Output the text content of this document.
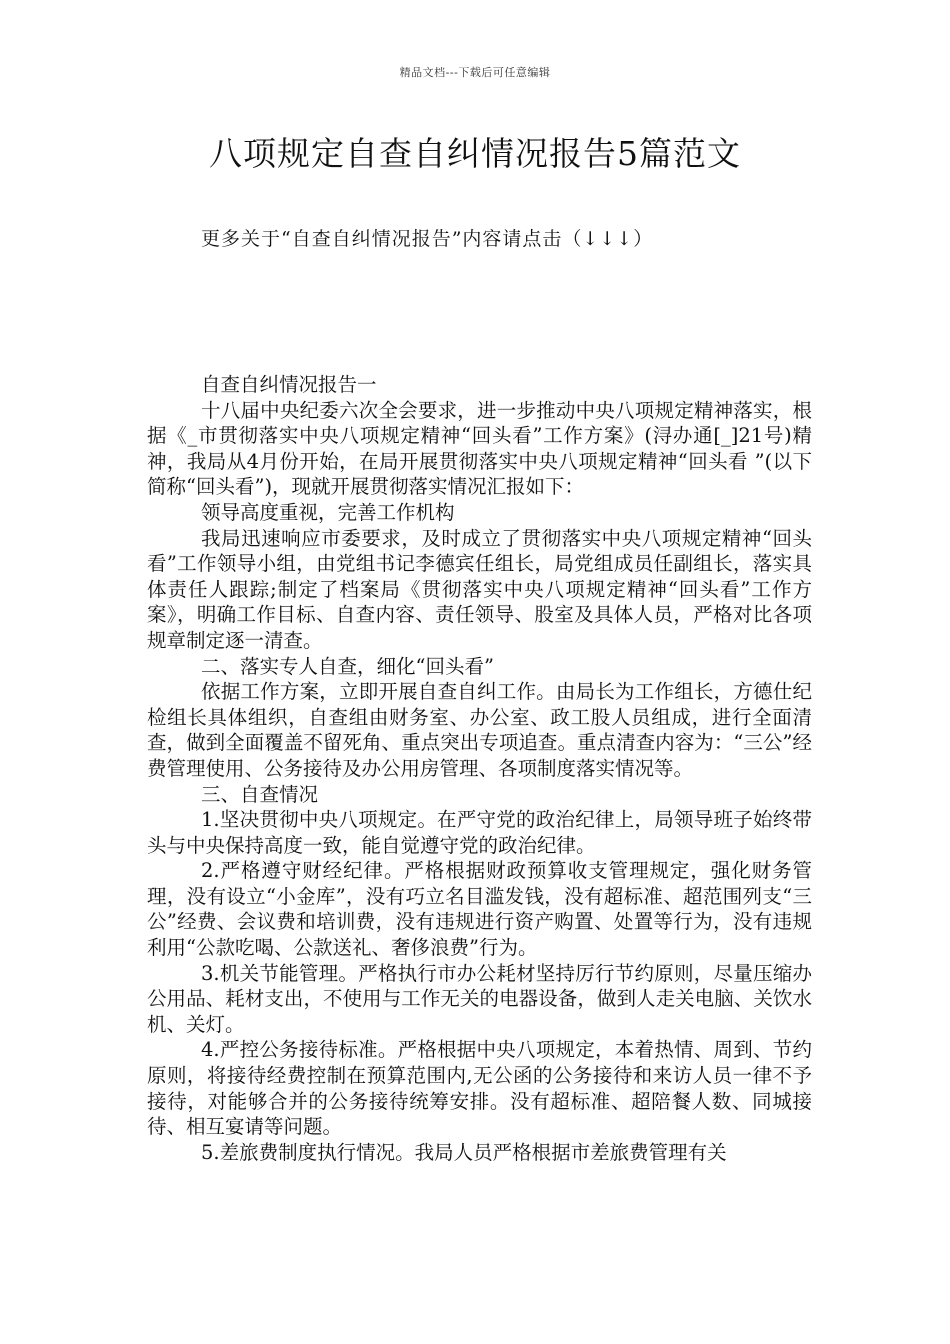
精品文档---下载后可任意编辑
八项规定自查自纠情况报告5篇范文
更多关于“自查自纠情况报告”内容请点击（↓↓↓）

自查自纠情况报告一

十八届中央纪委六次全会要求，进一步推动中央八项规定精神落实，根据《_市贯彻落实中央八项规定精神“回头看”工作方案》(浔办通[_]21号)精神，我局从4月份开始，在局开展贯彻落实中央八项规定精神“回头看 ”(以下简称“回头看”)，现就开展贯彻落实情况汇报如下：

领导高度重视，完善工作机构

我局迅速响应市委要求，及时成立了贯彻落实中央八项规定精神“回头看”工作领导小组，由党组书记李德宾任组长，局党组成员任副组长，落实具体责任人跟踪;制定了档案局《贯彻落实中央八项规定精神“回头看”工作方案》，明确工作目标、自查内容、责任领导、股室及具体人员，严格对比各项规章制定逐一清查。

二、落实专人自查，细化“回头看”

依据工作方案，立即开展自查自纠工作。由局长为工作组长，方德仕纪检组长具体组织，自查组由财务室、办公室、政工股人员组成，进行全面清查，做到全面覆盖不留死角、重点突出专项追查。重点清查内容为：“三公”经费管理使用、公务接待及办公用房管理、各项制度落实情况等。

三、自查情况

1.坚决贯彻中央八项规定。在严守党的政治纪律上，局领导班子始终带头与中央保持高度一致，能自觉遵守党的政治纪律。

2.严格遵守财经纪律。严格根据财政预算收支管理规定，强化财务管理，没有设立“小金库”，没有巧立名目滥发钱，没有超标准、超范围列支“三公”经费、会议费和培训费，没有违规进行资产购置、处置等行为，没有违规利用“公款吃喝、公款送礼、奢侈浪费”行为。

3.机关节能管理。严格执行市办公耗材坚持厉行节约原则，尽量压缩办公用品、耗材支出，不使用与工作无关的电器设备，做到人走关电脑、关饮水机、关灯。

4.严控公务接待标准。严格根据中央八项规定，本着热情、周到、节约原则，将接待经费控制在预算范围内,无公函的公务接待和来访人员一律不予接待，对能够合并的公务接待统筹安排。没有超标准、超陪餐人数、同城接待、相互宴请等问题。

5.差旅费制度执行情况。我局人员严格根据市差旅费管理有关
